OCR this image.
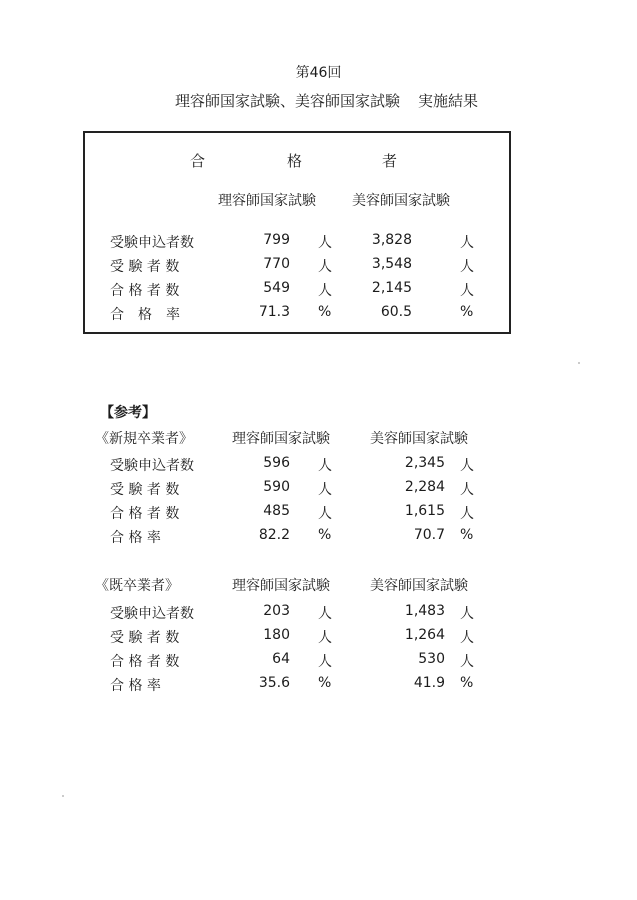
第46回
理容師国家試験、美容師国家試験 実施結果
合	格	者
理容師国家試験	美容師国家試験
受験申込者数	799 人	3,828	人
受 験 者 数	770 人	3,548	人
合 格 者 数	549 人	2,145	人
合　格　率	71.3 %	60.5	%
【参考】
《新規卒業者》	理容師国家試験	美容師国家試験
受験申込者数	596 人	2,345 人
受 験 者 数	590 人	2,284 人
合 格 者 数	485 人	1,615 人
合 格 率	82.2 %	70.7 %
《既卒業者》	理容師国家試験	美容師国家試験
受験申込者数	203 人	1,483 人
受 験 者 数	180 人	1,264 人
合 格 者 数	64 人	530 人
合 格 率	35.6 %	41.9 %
